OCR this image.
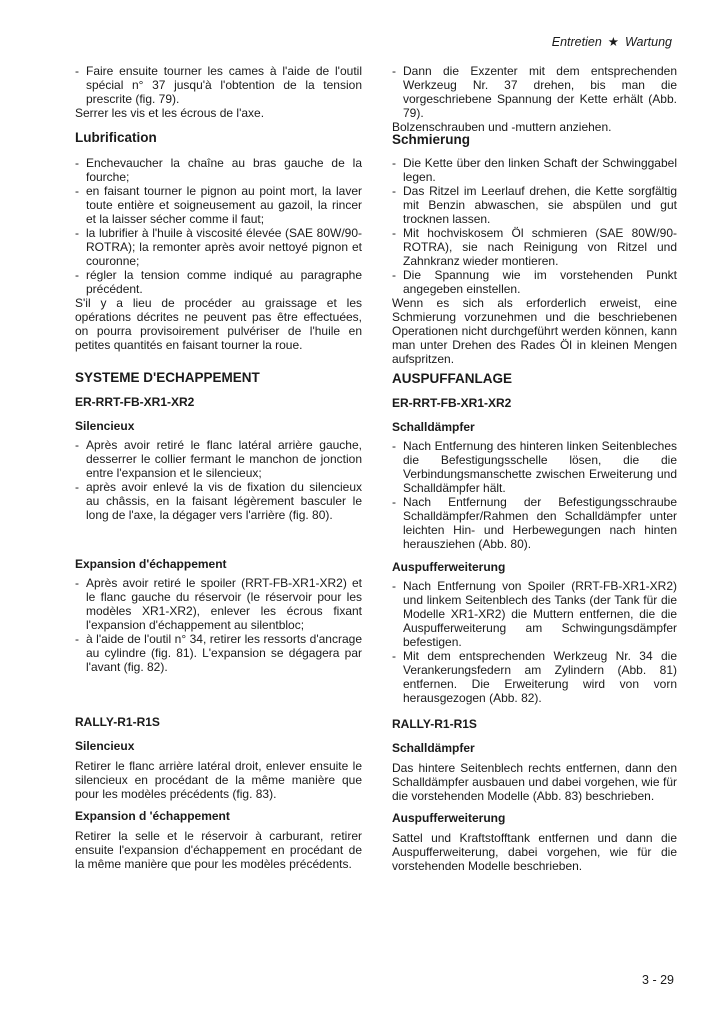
Entretien ★ Wartung
- Faire ensuite tourner les cames à l'aide de l'outil spécial n° 37 jusqu'à l'obtention de la tension prescrite (fig. 79).

Serrer les vis et les écrous de l'axe.

Lubrification
- Enchevaucher la chaîne au bras gauche de la fourche;
- en faisant tourner le pignon au point mort, la laver toute entière et soigneusement au gazoil, la rincer et la laisser sécher comme il faut;
- la lubrifier à l'huile à viscosité élevée (SAE 80W/90-ROTRA); la remonter après avoir nettoyé pignon et couronne;
- régler la tension comme indiqué au paragraphe précédent.

S'il y a lieu de procéder au graissage et les opérations décrites ne peuvent pas être effectuées, on pourra provisoirement pulvériser de l'huile en petites quantités en faisant tourner la roue.

SYSTEME D'ECHAPPEMENT
ER-RRT-FB-XR1-XR2
Silencieux
- Après avoir retiré le flanc latéral arrière gauche, desserrer le collier fermant le manchon de jonction entre l'expansion et le silencieux;
- après avoir enlevé la vis de fixation du silencieux au châssis, en la faisant légèrement basculer le long de l'axe, la dégager vers l'arrière (fig. 80).
Expansion d'échappement
- Après avoir retiré le spoiler (RRT-FB-XR1-XR2) et le flanc gauche du réservoir (le réservoir pour les modèles XR1-XR2), enlever les écrous fixant l'expansion d'échappement au silentbloc;
- à l'aide de l'outil n° 34, retirer les ressorts d'ancrage au cylindre (fig. 81). L'expansion se dégagera par l'avant (fig. 82).
RALLY-R1-R1S
Silencieux

Retirer le flanc arrière latéral droit, enlever ensuite le silencieux en procédant de la même manière que pour les modèles précédents (fig. 83).

Expansion d 'échappement

Retirer la selle et le réservoir à carburant, retirer ensuite l'expansion d'échappement en procédant de la même manière que pour les modèles précédents.

- Dann die Exzenter mit dem entsprechenden Werkzeug Nr. 37 drehen, bis man die vorgeschriebene Spannung der Kette erhält (Abb. 79).

Bolzenschrauben und -muttern anziehen.

Schmierung
- Die Kette über den linken Schaft der Schwinggabel legen.
- Das Ritzel im Leerlauf drehen, die Kette sorgfältig mit Benzin abwaschen, sie abspülen und gut trocknen lassen.
- Mit hochviskosem Öl schmieren (SAE 80W/90-ROTRA), sie nach Reinigung von Ritzel und Zahnkranz wieder montieren.
- Die Spannung wie im vorstehenden Punkt angegeben einstellen.

Wenn es sich als erforderlich erweist, eine Schmierung vorzunehmen und die beschriebenen Operationen nicht durchgeführt werden können, kann man unter Drehen des Rades Öl in kleinen Mengen aufspritzen.

AUSPUFFANLAGE
ER-RRT-FB-XR1-XR2
Schalldämpfer
- Nach Entfernung des hinteren linken Seitenbleches die Befestigungsschelle lösen, die die Verbindungsmanschette zwischen Erweiterung und Schalldämpfer hält.
- Nach Entfernung der Befestigungsschraube Schalldämpfer/Rahmen den Schalldämpfer unter leichten Hin- und Herbewegungen nach hinten herausziehen (Abb. 80).
Auspufferweiterung
- Nach Entfernung von Spoiler (RRT-FB-XR1-XR2) und linkem Seitenblech des Tanks (der Tank für die Modelle XR1-XR2) die Muttern entfernen, die die Auspufferweiterung am Schwingungsdämpfer befestigen.
- Mit dem entsprechenden Werkzeug Nr. 34 die Verankerungsfedern am Zylindern (Abb. 81) entfernen. Die Erweiterung wird von vorn herausgezogen (Abb. 82).
RALLY-R1-R1S
Schalldämpfer

Das hintere Seitenblech rechts entfernen, dann den Schalldämpfer ausbauen und dabei vorgehen, wie für die vorstehenden Modelle (Abb. 83) beschrieben.

Auspufferweiterung

Sattel und Kraftstofftank entfernen und dann die Auspufferweiterung, dabei vorgehen, wie für die vorstehenden Modelle beschrieben.

3 - 29
